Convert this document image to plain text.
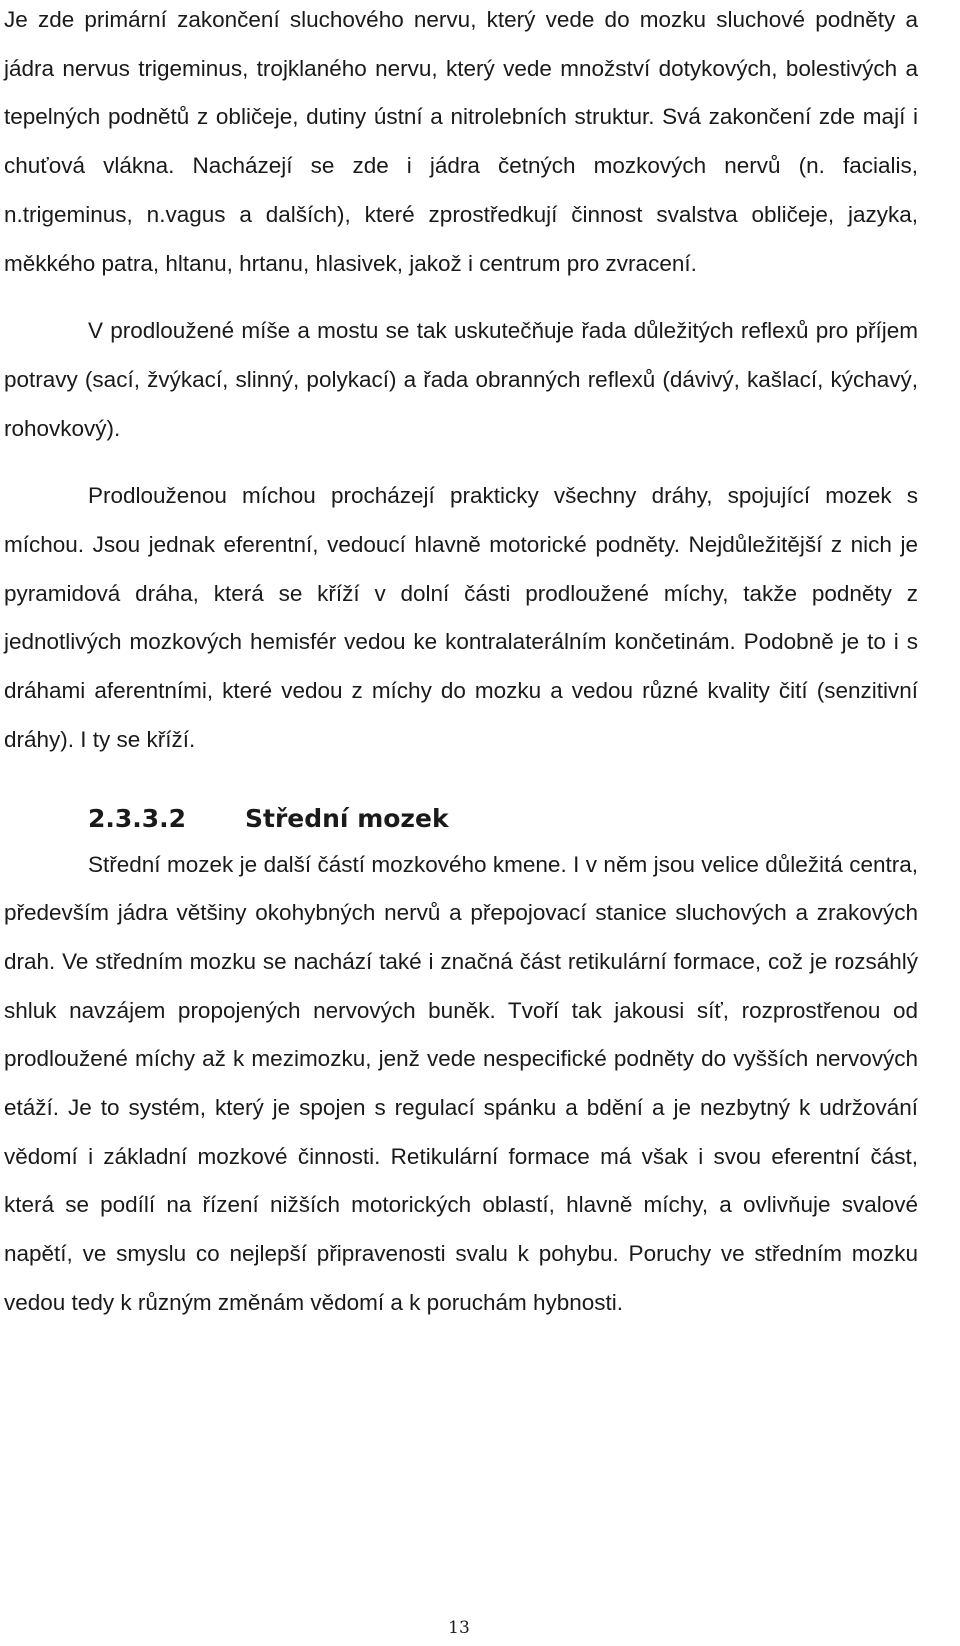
Je zde primární zakončení sluchového nervu, který vede do mozku sluchové podněty a jádra nervus trigeminus, trojklaného nervu, který vede množství dotykových, bolestivých a tepelných podnětů z obličeje, dutiny ústní a nitrolebních struktur. Svá zakončení zde mají i chuťová vlákna. Nacházejí se zde i jádra četných mozkových nervů (n. facialis, n.trigeminus, n.vagus a dalších), které zprostředkují činnost svalstva obličeje, jazyka, měkkého patra, hltanu, hrtanu, hlasivek, jakož i centrum pro zvracení.

V prodloužené míše a mostu se tak uskutečňuje řada důležitých reflexů pro příjem potravy (sací, žvýkací, slinný, polykací) a řada obranných reflexů (dávivý, kašlací, kýchavý, rohovkový).

Prodlouženou míchou procházejí prakticky všechny dráhy, spojující mozek s míchou. Jsou jednak eferentní, vedoucí hlavně motorické podněty. Nejdůležitější z nich je pyramidová dráha, která se kříží v dolní části prodloužené míchy, takže podněty z jednotlivých mozkových hemisfér vedou ke kontralaterálním končetinám. Podobně je to i s dráhami aferentními, které vedou z míchy do mozku a vedou různé kvality čití (senzitivní dráhy). I ty se kříží.

2.3.3.2	Střední mozek

Střední mozek je další částí mozkového kmene. I v něm jsou velice důležitá centra, především jádra většiny okohybných nervů a přepojovací stanice sluchových a zrakových drah. Ve středním mozku se nachází také i značná část retikulární formace, což je rozsáhlý shluk navzájem propojených nervových buněk. Tvoří tak jakousi síť, rozprostřenou od prodloužené míchy až k mezimozku, jenž vede nespecifické podněty do vyšších nervových etáží. Je to systém, který je spojen s regulací spánku a bdění a je nezbytný k udržování vědomí i základní mozkové činnosti. Retikulární formace má však i svou eferentní část, která se podílí na řízení nižších motorických oblastí, hlavně míchy, a ovlivňuje svalové napětí, ve smyslu co nejlepší připravenosti svalu k pohybu. Poruchy ve středním mozku vedou tedy k různým změnám vědomí a k poruchám hybnosti.

13
